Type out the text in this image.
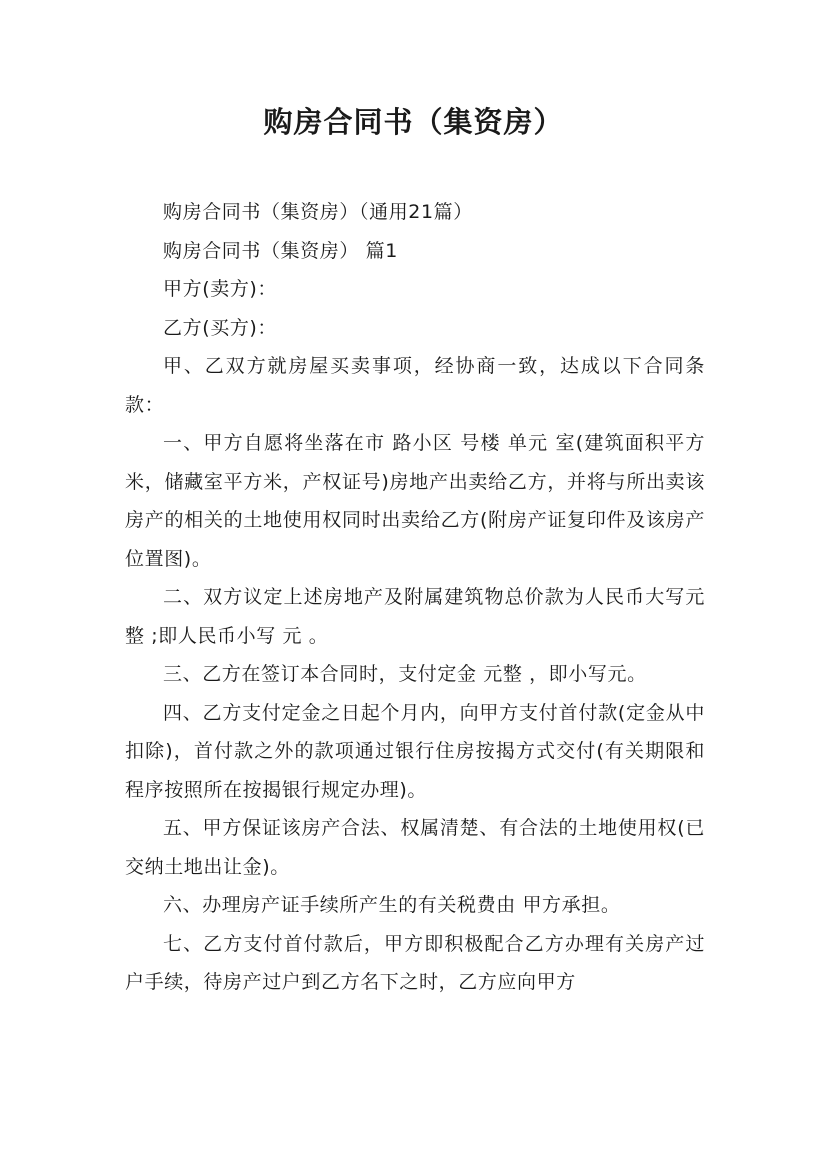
购房合同书（集资房）

购房合同书（集资房）（通用21篇）

购房合同书（集资房） 篇1

甲方(卖方)：

乙方(买方)：

甲、乙双方就房屋买卖事项，经协商一致，达成以下合同条款：

一、甲方自愿将坐落在市 路小区 号楼 单元 室(建筑面积平方米，储藏室平方米，产权证号)房地产出卖给乙方，并将与所出卖该房产的相关的土地使用权同时出卖给乙方(附房产证复印件及该房产位置图)。

二、双方议定上述房地产及附属建筑物总价款为人民币大写元整 ;即人民币小写 元 。

三、乙方在签订本合同时，支付定金 元整 ，即小写元。

四、乙方支付定金之日起个月内，向甲方支付首付款(定金从中扣除)，首付款之外的款项通过银行住房按揭方式交付(有关期限和程序按照所在按揭银行规定办理)。

五、甲方保证该房产合法、权属清楚、有合法的土地使用权(已交纳土地出让金)。

六、办理房产证手续所产生的有关税费由 甲方承担。

七、乙方支付首付款后，甲方即积极配合乙方办理有关房产过户手续，待房产过户到乙方名下之时，乙方应向甲方
